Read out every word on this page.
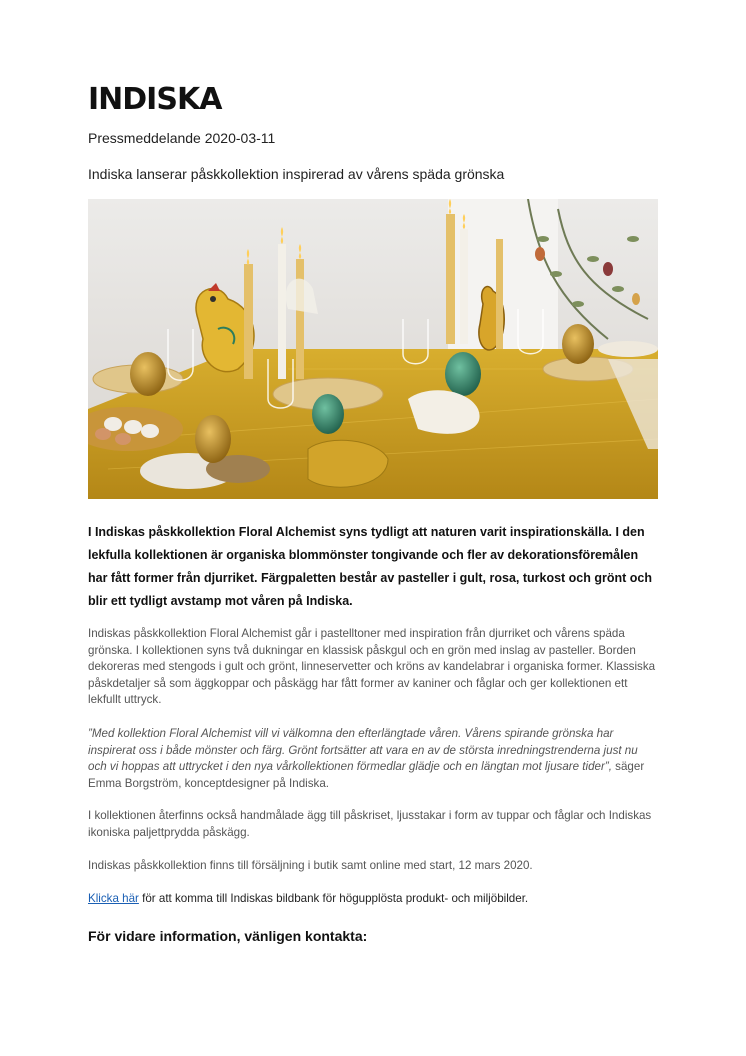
INDISKA
Pressmeddelande 2020-03-11
Indiska lanserar påskkollektion inspirerad av vårens späda grönska
I Indiskas påskkollektion Floral Alchemist syns tydligt att naturen varit inspirationskälla. I den lekfulla kollektionen är organiska blommönster tongivande och fler av dekorationsföremålen har fått former från djurriket. Färgpaletten består av pasteller i gult, rosa, turkost och grönt och blir ett tydligt avstamp mot våren på Indiska.

Indiskas påskkollektion Floral Alchemist går i pastelltoner med inspiration från djurriket och vårens späda grönska. I kollektionen syns två dukningar en klassisk påskgul och en grön med inslag av pasteller. Borden dekoreras med stengods i gult och grönt, linneservetter och kröns av kandelabrar i organiska former. Klassiska påskdetaljer så som äggkoppar och påskägg har fått former av kaniner och fåglar och ger kollektionen ett lekfullt uttryck.

”Med kollektion Floral Alchemist vill vi välkomna den efterlängtade våren. Vårens spirande grönska har inspirerat oss i både mönster och färg. Grönt fortsätter att vara en av de största inredningstrenderna just nu och vi hoppas att uttrycket i den nya vårkollektionen förmedlar glädje och en längtan mot ljusare tider”, säger Emma Borgström, konceptdesigner på Indiska.

I kollektionen återfinns också handmålade ägg till påskriset, ljusstakar i form av tuppar och fåglar och Indiskas ikoniska paljettprydda påskägg.

Indiskas påskkollektion finns till försäljning i butik samt online med start, 12 mars 2020.

Klicka här för att komma till Indiskas bildbank för högupplösta produkt- och miljöbilder.

För vidare information, vänligen kontakta:
